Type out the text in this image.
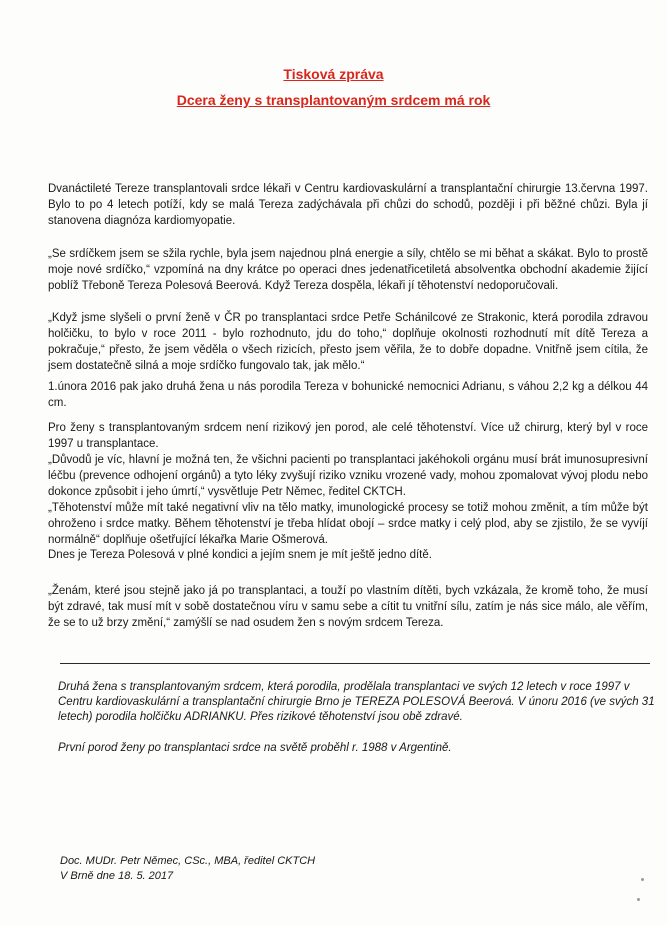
Tisková zpráva
Dcera ženy s transplantovaným srdcem má rok
Dvanáctileté Tereze transplantovali srdce lékaři v Centru kardiovaskulární a transplantační chirurgie 13.června 1997. Bylo to po 4 letech potíží, kdy se malá Tereza zadýchávala při chůzi do schodů, později i při běžné chůzi. Byla jí stanovena diagnóza kardiomyopatie.
„Se srdíčkem jsem se sžila rychle, byla jsem najednou plná energie a síly, chtělo se mi běhat a skákat. Bylo to prostě moje nové srdíčko,“ vzpomíná na dny krátce po operaci dnes jedenatřicetiletá absolventka obchodní akademie žijící poblíž Třeboně Tereza Polesová Beerová. Když Tereza dospěla, lékaři jí těhotenství nedoporučovali.
„Když jsme slyšeli o první ženě v ČR po transplantaci srdce Petře Schánilcové ze Strakonic, která porodila zdravou holčičku, to bylo v roce 2011 - bylo rozhodnuto, jdu do toho,“ doplňuje okolnosti rozhodnutí mít dítě Tereza a pokračuje,“ přesto, že jsem věděla o všech rizicích, přesto jsem věřila, že to dobře dopadne. Vnitřně jsem cítila, že jsem dostatečně silná a moje srdíčko fungovalo tak, jak mělo.“
1.února 2016 pak jako druhá žena u nás porodila Tereza v bohunické nemocnici Adrianu, s váhou 2,2 kg a délkou 44 cm.
Pro ženy s transplantovaným srdcem není rizikový jen porod, ale celé těhotenství. Více už chirurg, který byl v roce 1997 u transplantace.
„Důvodů je víc, hlavní je možná ten, že všichni pacienti po transplantaci jakéhokoli orgánu musí brát imunosupresivní léčbu (prevence odhojení orgánů) a tyto léky zvyšují riziko vzniku vrozené vady, mohou zpomalovat vývoj plodu nebo dokonce způsobit i jeho úmrtí,“ vysvětluje Petr Němec, ředitel CKTCH.
„Těhotenství může mít také negativní vliv na tělo matky, imunologické procesy se totiž mohou změnit, a tím může být ohroženo i srdce matky. Během těhotenství je třeba hlídat obojí – srdce matky i celý plod, aby se zjistilo, že se vyvíjí normálně“ doplňuje ošetřující lékařka Marie Ošmerová.
Dnes je Tereza Polesová v plné kondici a jejím snem je mít ještě jedno dítě.
„Ženám, které jsou stejně jako já po transplantaci, a touží po vlastním dítěti, bych vzkázala, že kromě toho, že musí být zdravé, tak musí mít v sobě dostatečnou víru v samu sebe a cítit tu vnitřní sílu, zatím je nás sice málo, ale věřím, že se to už brzy změní,“ zamýšlí se nad osudem žen s novým srdcem Tereza.
Druhá žena s transplantovaným srdcem, která porodila, prodělala transplantaci ve svých 12 letech v roce 1997 v Centru kardiovaskulární a transplantační chirurgie Brno je TEREZA POLESOVÁ Beerová. V únoru 2016 (ve svých 31 letech) porodila holčičku ADRIANKU. Přes rizikové těhotenství jsou obě zdravé.
První porod ženy po transplantaci srdce na světě proběhl r. 1988 v Argentině.
Doc. MUDr. Petr Němec, CSc., MBA, ředitel CKTCH
V Brně dne 18. 5. 2017
